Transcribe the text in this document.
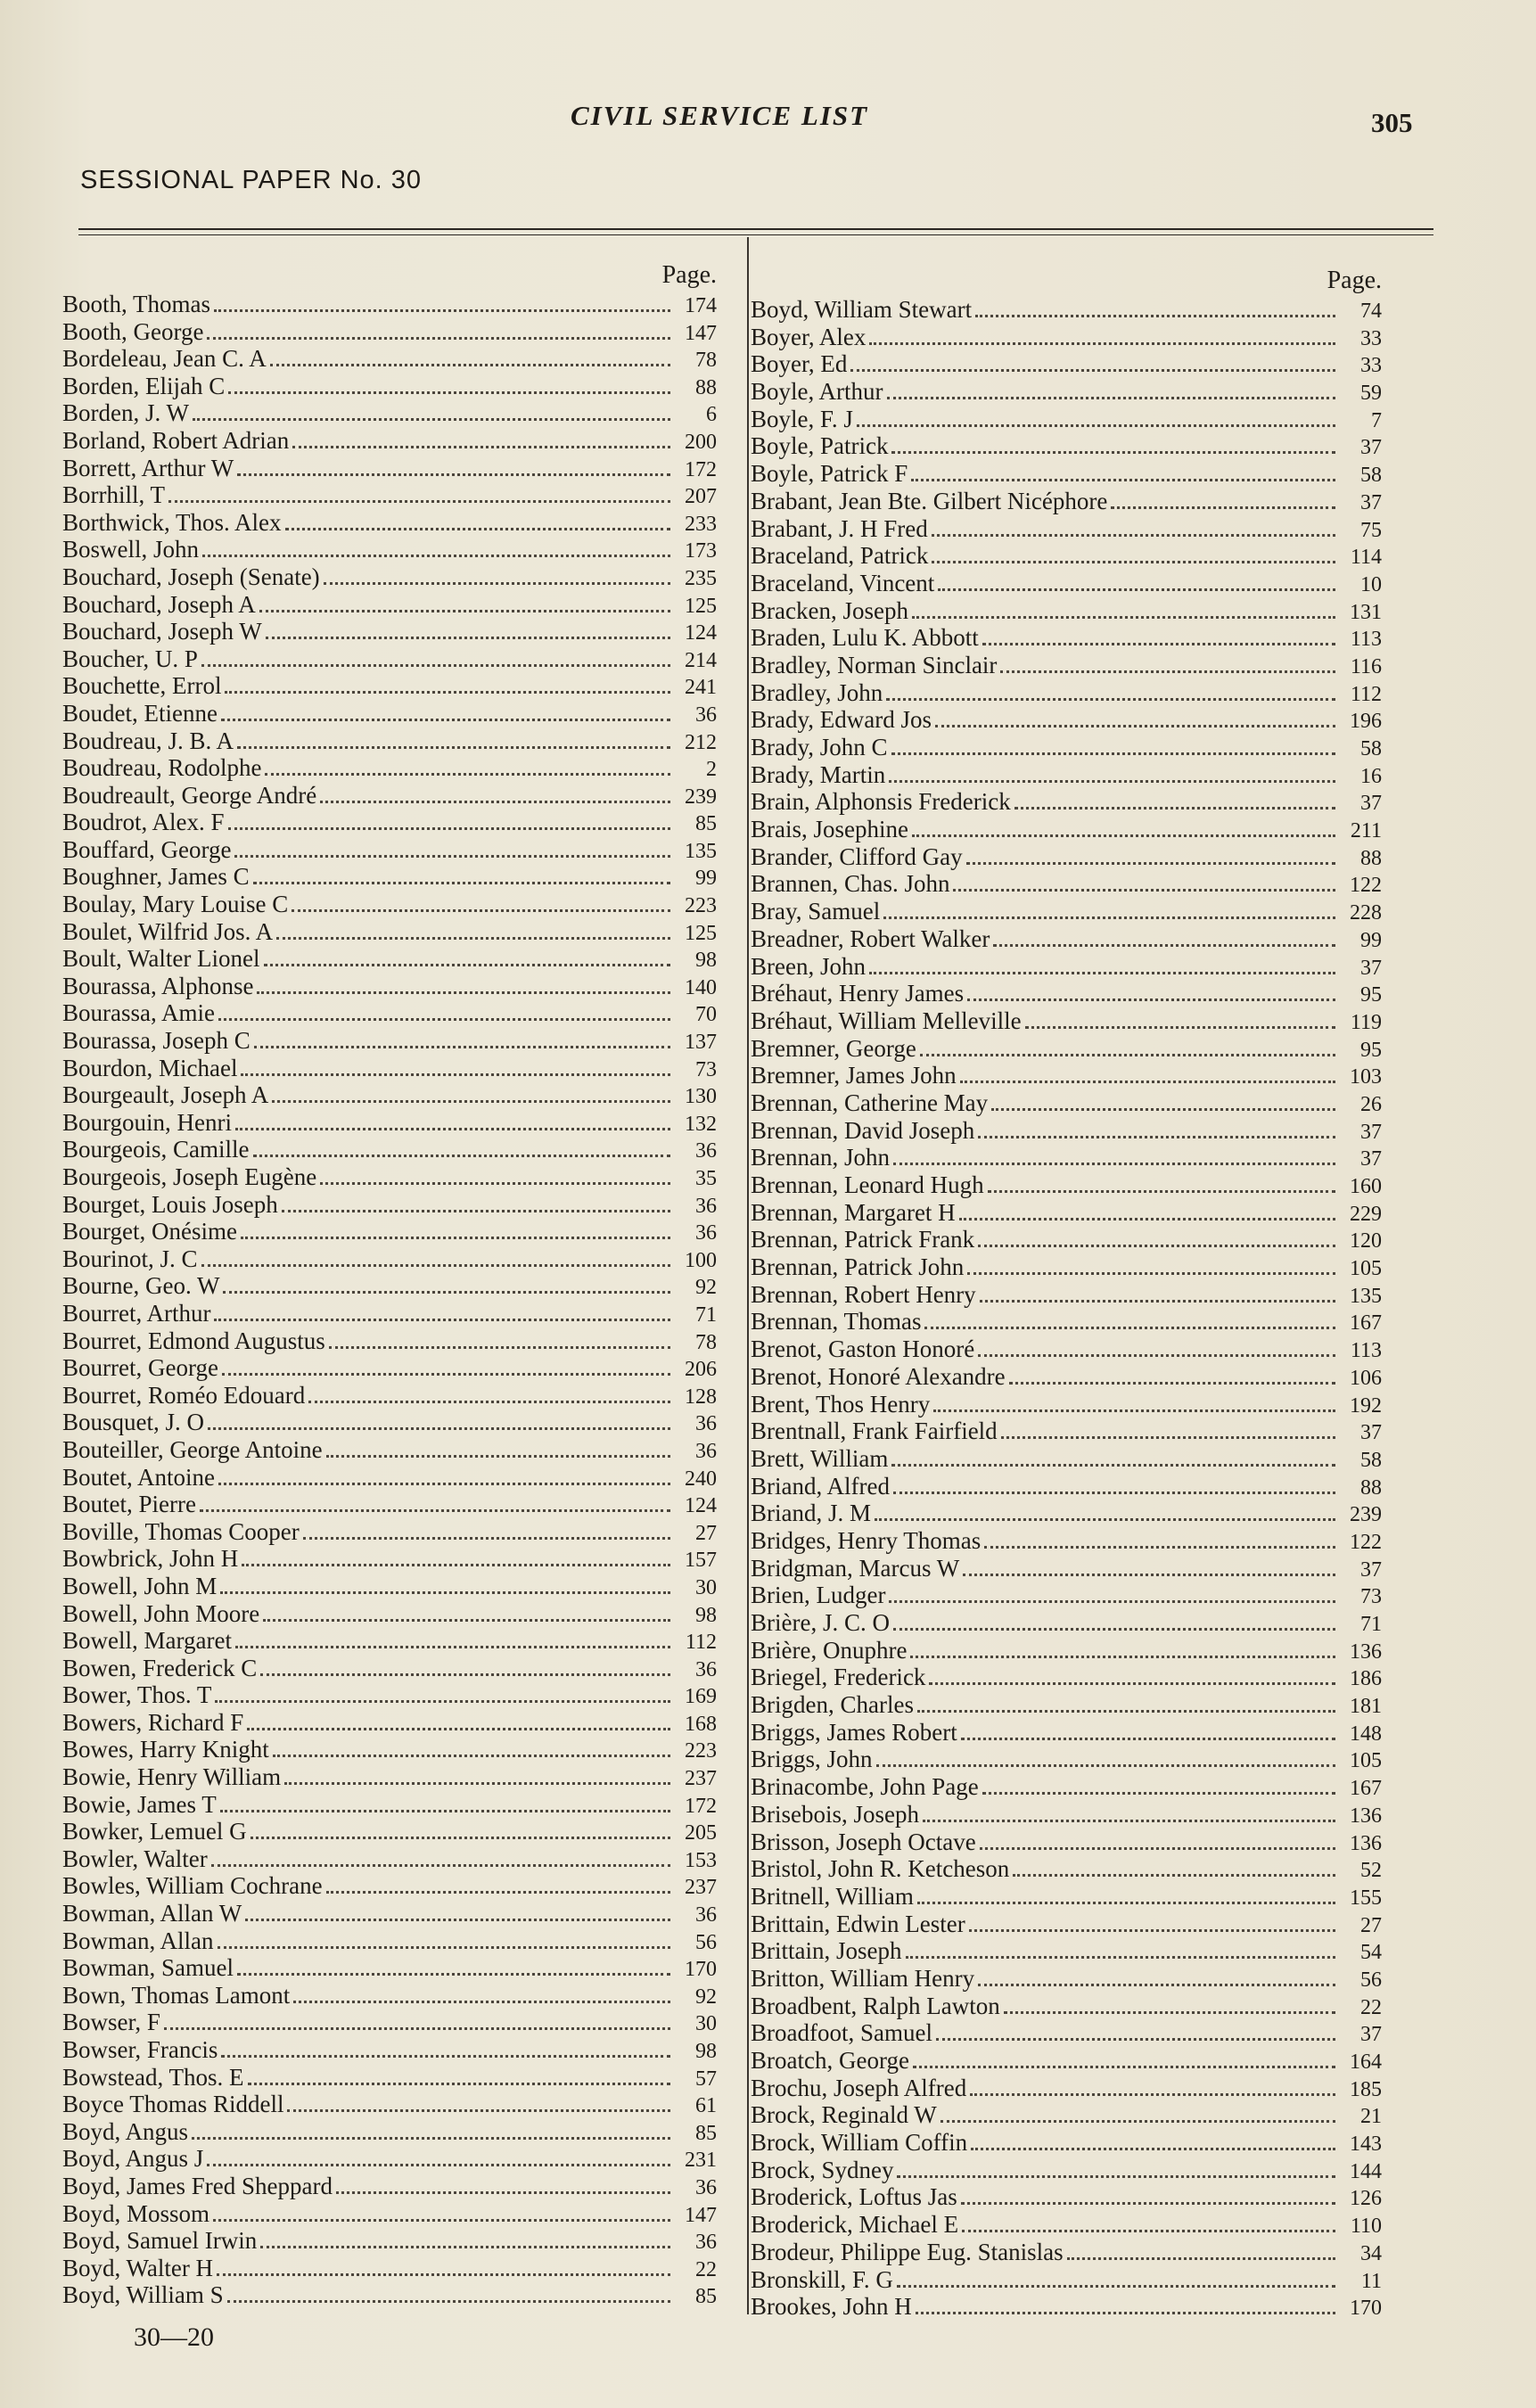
CIVIL SERVICE LIST	305
SESSIONAL PAPER No. 30
Page.
Booth, Thomas	174
Booth, George	147
Bordeleau, Jean C. A	78
Borden, Elijah C	88
Borden, J. W	6
Borland, Robert Adrian	200
Borrett, Arthur W	172
Borrhill, T	207
Borthwick, Thos. Alex	233
Boswell, John	173
Bouchard, Joseph (Senate)	235
Bouchard, Joseph A	125
Bouchard, Joseph W	124
Boucher, U. P	214
Bouchette, Errol	241
Boudet, Etienne	36
Boudreau, J. B. A	212
Boudreau, Rodolphe	2
Boudreault, George André	239
Boudrot, Alex. F	85
Bouffard, George	135
Boughner, James C	99
Boulay, Mary Louise C	223
Boulet, Wilfrid Jos. A	125
Boult, Walter Lionel	98
Bourassa, Alphonse	140
Bourassa, Amie	70
Bourassa, Joseph C	137
Bourdon, Michael	73
Bourgeault, Joseph A	130
Bourgouin, Henri	132
Bourgeois, Camille	36
Bourgeois, Joseph Eugène	35
Bourget, Louis Joseph	36
Bourget, Onésime	36
Bourinot, J. C	100
Bourne, Geo. W	92
Bourret, Arthur	71
Bourret, Edmond Augustus	78
Bourret, George	206
Bourret, Roméo Edouard	128
Bousquet, J. O	36
Bouteiller, George Antoine	36
Boutet, Antoine	240
Boutet, Pierre	124
Boville, Thomas Cooper	27
Bowbrick, John H	157
Bowell, John M	30
Bowell, John Moore	98
Bowell, Margaret	112
Bowen, Frederick C	36
Bower, Thos. T	169
Bowers, Richard F	168
Bowes, Harry Knight	223
Bowie, Henry William	237
Bowie, James T	172
Bowker, Lemuel G	205
Bowler, Walter	153
Bowles, William Cochrane	237
Bowman, Allan W	36
Bowman, Allan	56
Bowman, Samuel	170
Bown, Thomas Lamont	92
Bowser, F	30
Bowser, Francis	98
Bowstead, Thos. E	57
Boyce Thomas Riddell	61
Boyd, Angus	85
Boyd, Angus J	231
Boyd, James Fred Sheppard	36
Boyd, Mossom	147
Boyd, Samuel Irwin	36
Boyd, Walter H	22
Boyd, William S	85
Page.
Boyd, William Stewart	74
Boyer, Alex	33
Boyer, Ed	33
Boyle, Arthur	59
Boyle, F. J	7
Boyle, Patrick	37
Boyle, Patrick F	58
Brabant, Jean Bte. Gilbert Nicéphore	37
Brabant, J. H Fred	75
Braceland, Patrick	114
Braceland, Vincent	10
Bracken, Joseph	131
Braden, Lulu K. Abbott	113
Bradley, Norman Sinclair	116
Bradley, John	112
Brady, Edward Jos	196
Brady, John C	58
Brady, Martin	16
Brain, Alphonsis Frederick	37
Brais, Josephine	211
Brander, Clifford Gay	88
Brannen, Chas. John	122
Bray, Samuel	228
Breadner, Robert Walker	99
Breen, John	37
Bréhaut, Henry James	95
Bréhaut, William Melleville	119
Bremner, George	95
Bremner, James John	103
Brennan, Catherine May	26
Brennan, David Joseph	37
Brennan, John	37
Brennan, Leonard Hugh	160
Brennan, Margaret H	229
Brennan, Patrick Frank	120
Brennan, Patrick John	105
Brennan, Robert Henry	135
Brennan, Thomas	167
Brenot, Gaston Honoré	113
Brenot, Honoré Alexandre	106
Brent, Thos Henry	192
Brentnall, Frank Fairfield	37
Brett, William	58
Briand, Alfred	88
Briand, J. M	239
Bridges, Henry Thomas	122
Bridgman, Marcus W	37
Brien, Ludger	73
Brière, J. C. O	71
Brière, Onuphre	136
Briegel, Frederick	186
Brigden, Charles	181
Briggs, James Robert	148
Briggs, John	105
Brinacombe, John Page	167
Brisebois, Joseph	136
Brisson, Joseph Octave	136
Bristol, John R. Ketcheson	52
Britnell, William	155
Brittain, Edwin Lester	27
Brittain, Joseph	54
Britton, William Henry	56
Broadbent, Ralph Lawton	22
Broadfoot, Samuel	37
Broatch, George	164
Brochu, Joseph Alfred	185
Brock, Reginald W	21
Brock, William Coffin	143
Brock, Sydney	144
Broderick, Loftus Jas	126
Broderick, Michael E	110
Brodeur, Philippe Eug. Stanislas	34
Bronskill, F. G	11
Brookes, John H	170
30—20
